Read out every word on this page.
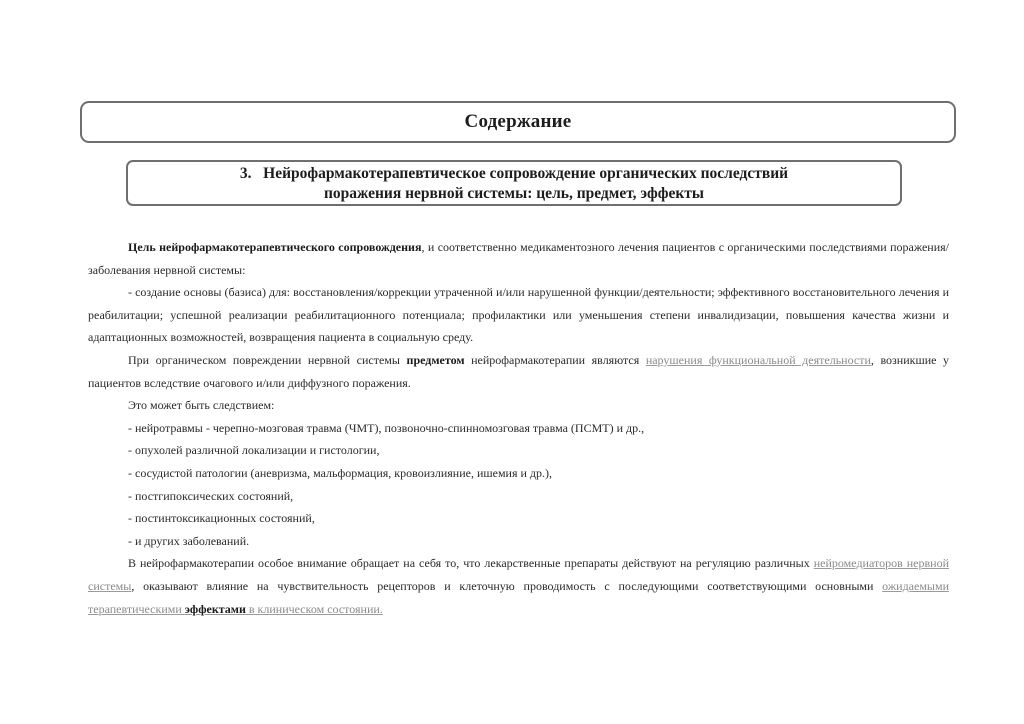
Содержание
3. Нейрофармакотерапевтическое сопровождение органических последствий
поражения нервной системы: цель, предмет, эффекты

Цель нейрофармакотерапевтического сопровождения, и соответственно медикаментозного лечения пациентов с органическими последствиями поражения/заболевания нервной системы:

- создание основы (базиса) для: восстановления/коррекции утраченной и/или нарушенной функции/деятельности; эффективного восстановительного лечения и реабилитации; успешной реализации реабилитационного потенциала; профилактики или уменьшения степени инвалидизации, повышения качества жизни и адаптационных возможностей, возвращения пациента в социальную среду.

При органическом повреждении нервной системы предметом нейрофармакотерапии являются нарушения функциональной деятельности, возникшие у пациентов вследствие очагового и/или диффузного поражения.

Это может быть следствием:

- нейротравмы - черепно-мозговая травма (ЧМТ), позвоночно-спинномозговая травма (ПСМТ) и др.,

- опухолей различной локализации и гистологии,

- сосудистой патологии (аневризма, мальформация, кровоизлияние, ишемия и др.),

- постгипоксических состояний,

- постинтоксикационных состояний,

- и других заболеваний.

В нейрофармакотерапии особое внимание обращает на себя то, что лекарственные препараты действуют на регуляцию различных нейромедиаторов нервной системы, оказывают влияние на чувствительность рецепторов и клеточную проводимость с последующими соответствующими основными ожидаемыми терапевтическими эффектами в клиническом состоянии.
